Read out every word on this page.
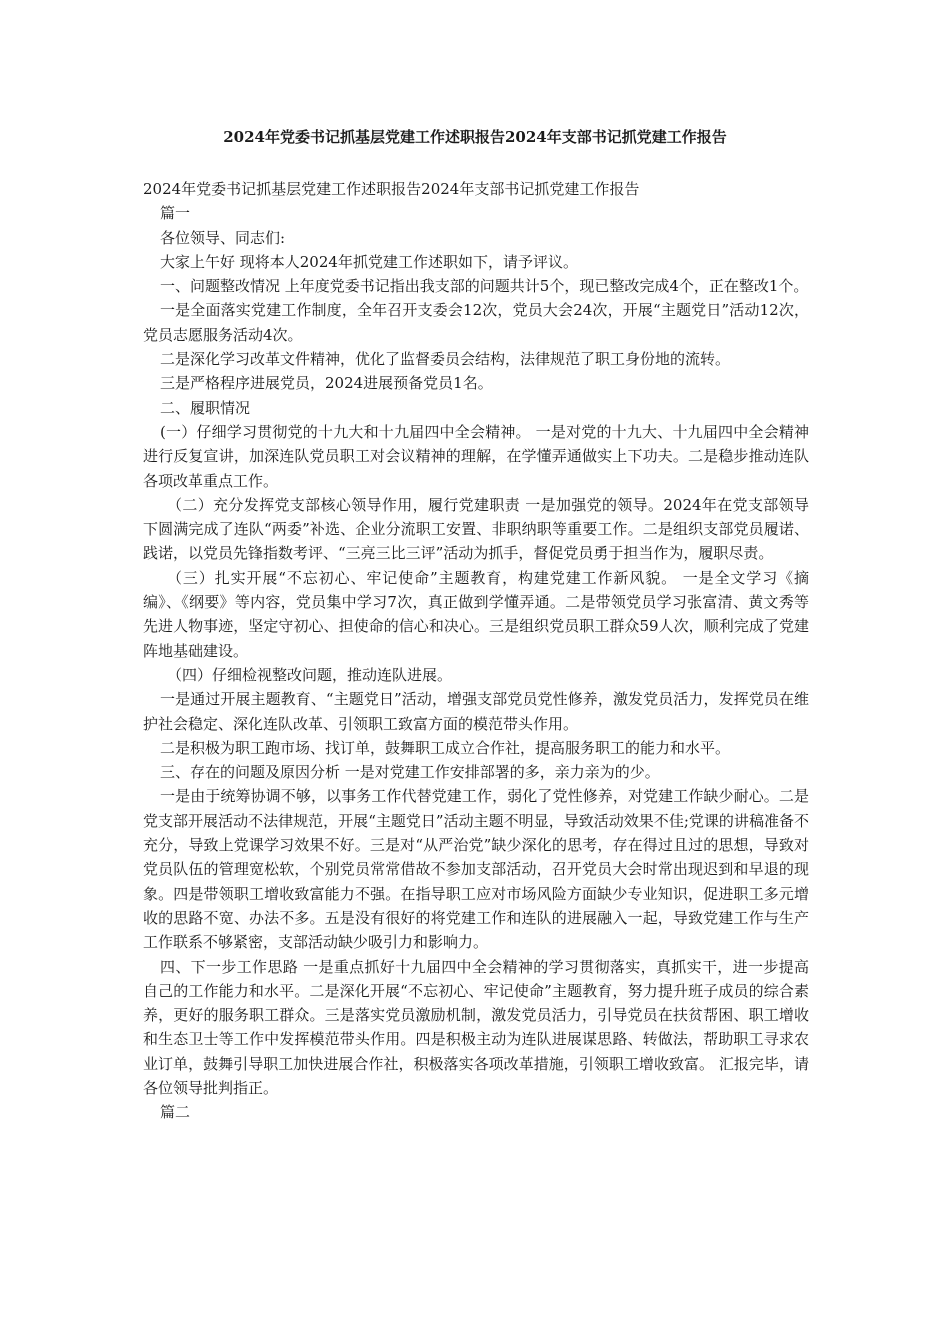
2024年党委书记抓基层党建工作述职报告2024年支部书记抓党建工作报告

2024年党委书记抓基层党建工作述职报告2024年支部书记抓党建工作报告

篇一

各位领导、同志们:

大家上午好 现将本人2024年抓党建工作述职如下，请予评议。

一、问题整改情况 上年度党委书记指出我支部的问题共计5个，现已整改完成4个，正在整改1个。

一是全面落实党建工作制度，全年召开支委会12次，党员大会24次，开展“主题党日”活动12次，党员志愿服务活动4次。

二是深化学习改革文件精神，优化了监督委员会结构，法律规范了职工身份地的流转。

三是严格程序进展党员，2024进展预备党员1名。

二、履职情况

(一）仔细学习贯彻党的十九大和十九届四中全会精神。 一是对党的十九大、十九届四中全会精神进行反复宣讲，加深连队党员职工对会议精神的理解，在学懂弄通做实上下功夫。二是稳步推动连队各项改革重点工作。

（二）充分发挥党支部核心领导作用，履行党建职责 一是加强党的领导。2024年在党支部领导下圆满完成了连队“两委”补选、企业分流职工安置、非职纳职等重要工作。二是组织支部党员履诺、践诺，以党员先锋指数考评、“三亮三比三评”活动为抓手，督促党员勇于担当作为，履职尽责。

（三）扎实开展“不忘初心、牢记使命”主题教育，构建党建工作新风貌。 一是全文学习《摘编》、《纲要》等内容，党员集中学习7次，真正做到学懂弄通。二是带领党员学习张富清、黄文秀等先进人物事迹，坚定守初心、担使命的信心和决心。三是组织党员职工群众59人次，顺利完成了党建阵地基础建设。

（四）仔细检视整改问题，推动连队进展。

一是通过开展主题教育、“主题党日”活动，增强支部党员党性修养，激发党员活力，发挥党员在维护社会稳定、深化连队改革、引领职工致富方面的模范带头作用。

二是积极为职工跑市场、找订单，鼓舞职工成立合作社，提高服务职工的能力和水平。

三、存在的问题及原因分析 一是对党建工作安排部署的多，亲力亲为的少。

一是由于统筹协调不够，以事务工作代替党建工作，弱化了党性修养，对党建工作缺少耐心。二是党支部开展活动不法律规范，开展“主题党日”活动主题不明显，导致活动效果不佳;党课的讲稿准备不充分，导致上党课学习效果不好。三是对“从严治党”缺少深化的思考，存在得过且过的思想，导致对党员队伍的管理宽松软，个别党员常常借故不参加支部活动，召开党员大会时常出现迟到和早退的现象。四是带领职工增收致富能力不强。在指导职工应对市场风险方面缺少专业知识，促进职工多元增收的思路不宽、办法不多。五是没有很好的将党建工作和连队的进展融入一起，导致党建工作与生产工作联系不够紧密，支部活动缺少吸引力和影响力。

四、下一步工作思路 一是重点抓好十九届四中全会精神的学习贯彻落实，真抓实干，进一步提高自己的工作能力和水平。二是深化开展“不忘初心、牢记使命”主题教育，努力提升班子成员的综合素养，更好的服务职工群众。三是落实党员激励机制，激发党员活力，引导党员在扶贫帮困、职工增收和生态卫士等工作中发挥模范带头作用。四是积极主动为连队进展谋思路、转做法，帮助职工寻求农业订单，鼓舞引导职工加快进展合作社，积极落实各项改革措施，引领职工增收致富。 汇报完毕，请各位领导批判指正。

篇二
